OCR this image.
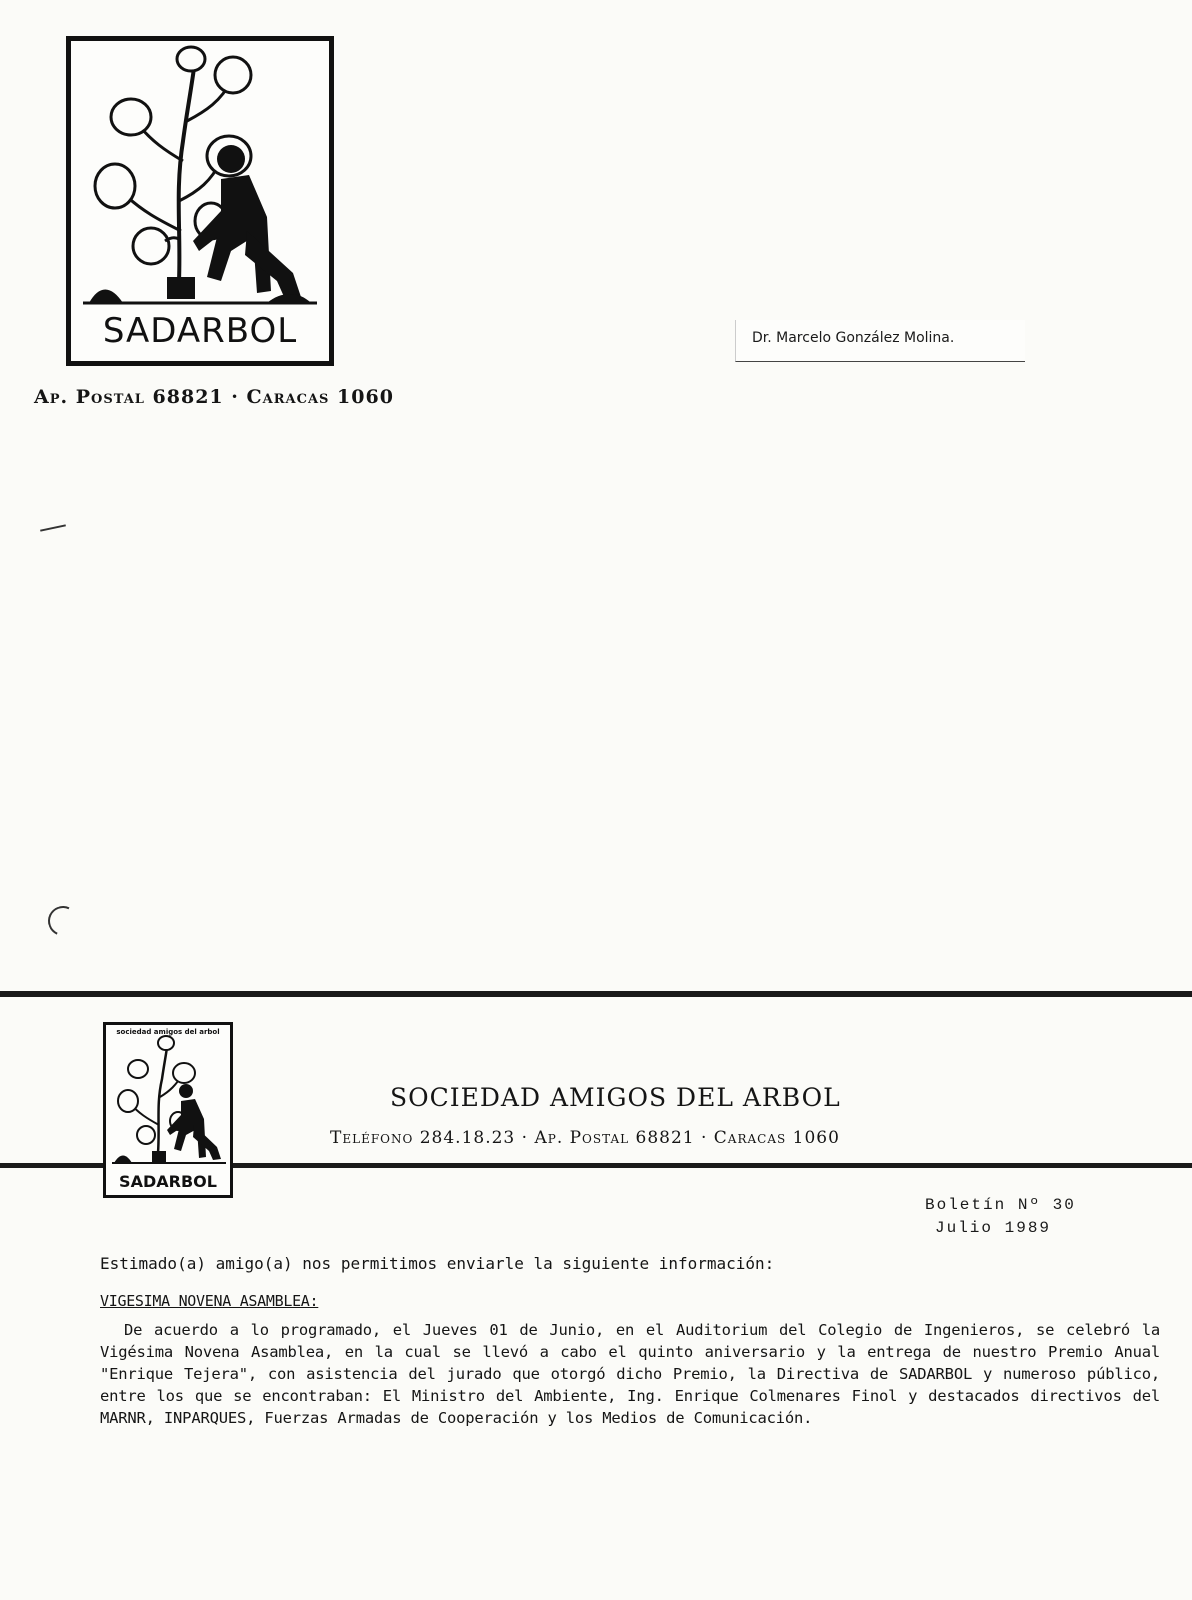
SADARBOL
Ap. Postal 68821 · Caracas 1060
Dr. Marcelo González Molina.
sociedad amigos del arbol
SADARBOL
SOCIEDAD AMIGOS DEL ARBOL
Teléfono 284.18.23 · Ap. Postal 68821 · Caracas 1060
Boletín Nº 30
Julio 1989

Estimado(a) amigo(a) nos permitimos enviarle la siguiente información:

VIGESIMA NOVENA ASAMBLEA:

De acuerdo a lo programado, el Jueves 01 de Junio, en el Auditorium del Colegio de Ingenieros, se celebró la Vigésima Novena Asamblea, en la cual se llevó a cabo el quinto aniversario y la entrega de nuestro Premio Anual "Enrique Tejera", con asistencia del jurado que otorgó dicho Premio, la Directiva de SADARBOL y numeroso público, entre los que se encontraban: El Ministro del Ambiente, Ing. Enrique Colmenares Finol y destacados directivos del MARNR, INPARQUES, Fuerzas Armadas de Cooperación y los Medios de Comunicación.
